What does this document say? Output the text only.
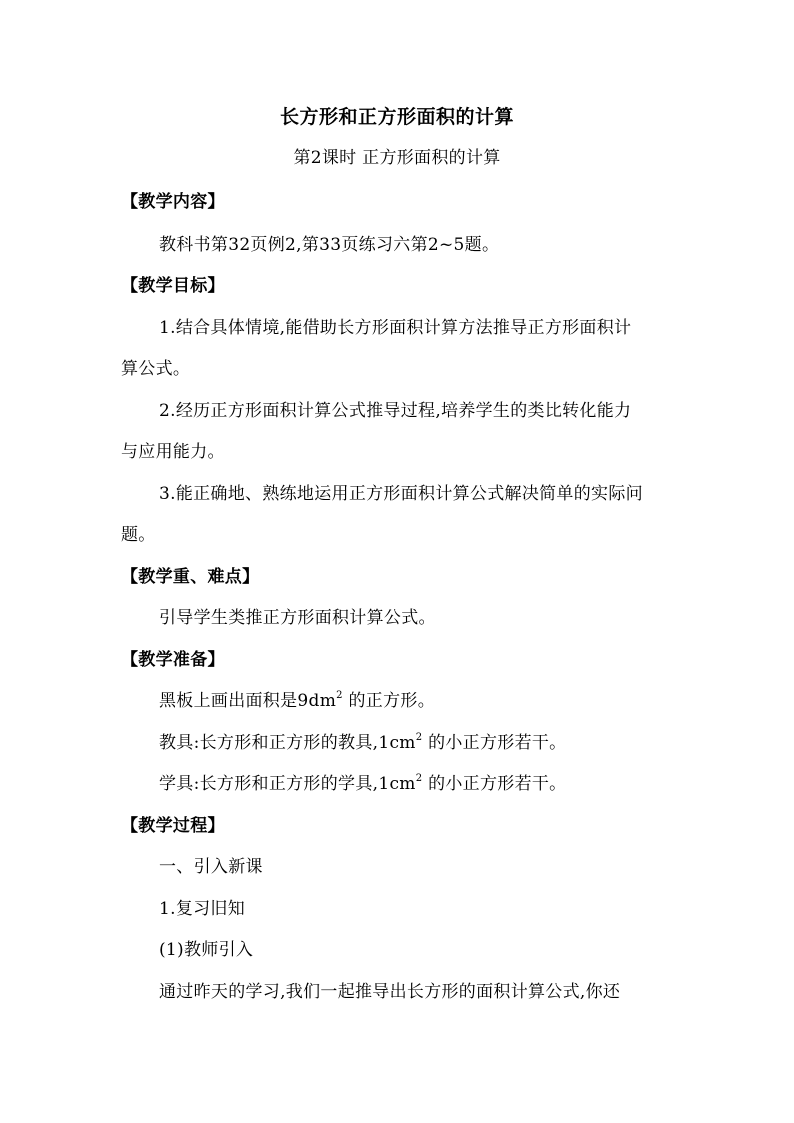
长方形和正方形面积的计算
第2课时 正方形面积的计算
【教学内容】
教科书第32页例2,第33页练习六第2~5题。
【教学目标】
1.结合具体情境,能借助长方形面积计算方法推导正方形面积计
算公式。
2.经历正方形面积计算公式推导过程,培养学生的类比转化能力
与应用能力。
3.能正确地、熟练地运用正方形面积计算公式解决简单的实际问
题。
【教学重、难点】
引导学生类推正方形面积计算公式。
【教学准备】
黑板上画出面积是$9dm^2$ 的正方形。
教具:长方形和正方形的教具$,1cm^2$ 的小正方形若干。
学具:长方形和正方形的学具$,1cm^2$ 的小正方形若干。
【教学过程】
一、引入新课
1.复习旧知
(1)教师引入
通过昨天的学习,我们一起推导出长方形的面积计算公式,你还
